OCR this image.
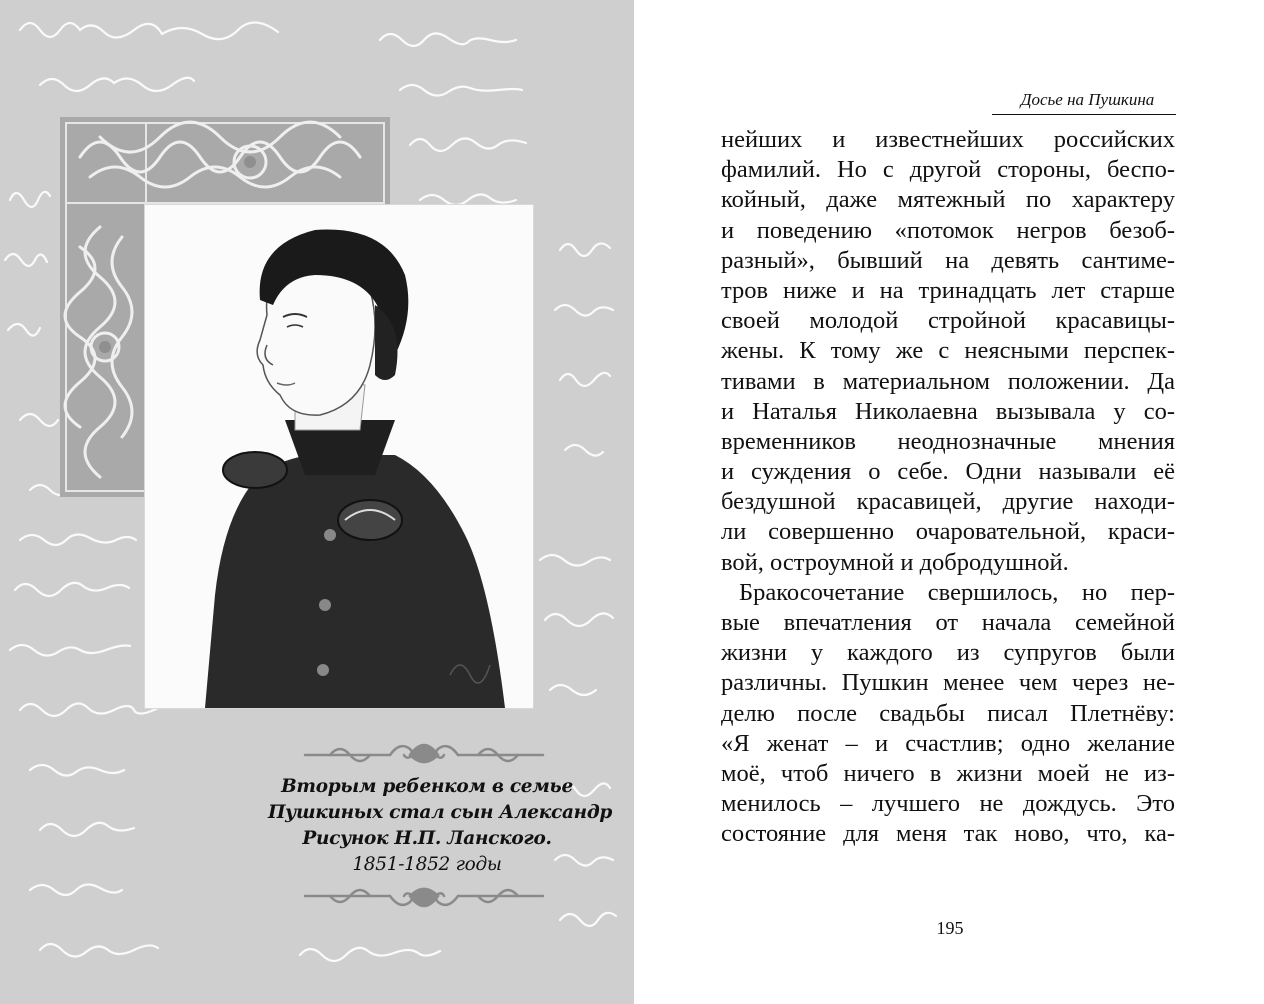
Вторым ребенком в семье
Пушкиных стал сын Александр
Рисунок Н.П. Ланского.
1851-1852 годы
Досье на Пушкина
нейших и известнейших российских
фамилий. Но с другой стороны, беспо-
койный, даже мятежный по характеру
и поведению «потомок негров безоб-
разный», бывший на девять сантиме-
тров ниже и на тринадцать лет старше
своей молодой стройной красавицы-
жены. К тому же с неясными перспек-
тивами в материальном положении. Да
и Наталья Николаевна вызывала у со-
временников неоднозначные мнения
и суждения о себе. Одни называли её
бездушной красавицей, другие находи-
ли совершенно очаровательной, краси-
вой, остроумной и добродушной.
Бракосочетание свершилось, но пер-
вые впечатления от начала семейной
жизни у каждого из супругов были
различны. Пушкин менее чем через не-
делю после свадьбы писал Плетнёву:
«Я женат – и счастлив; одно желание
моё, чтоб ничего в жизни моей не из-
менилось – лучшего не дождусь. Это
состояние для меня так ново, что, ка-
195
